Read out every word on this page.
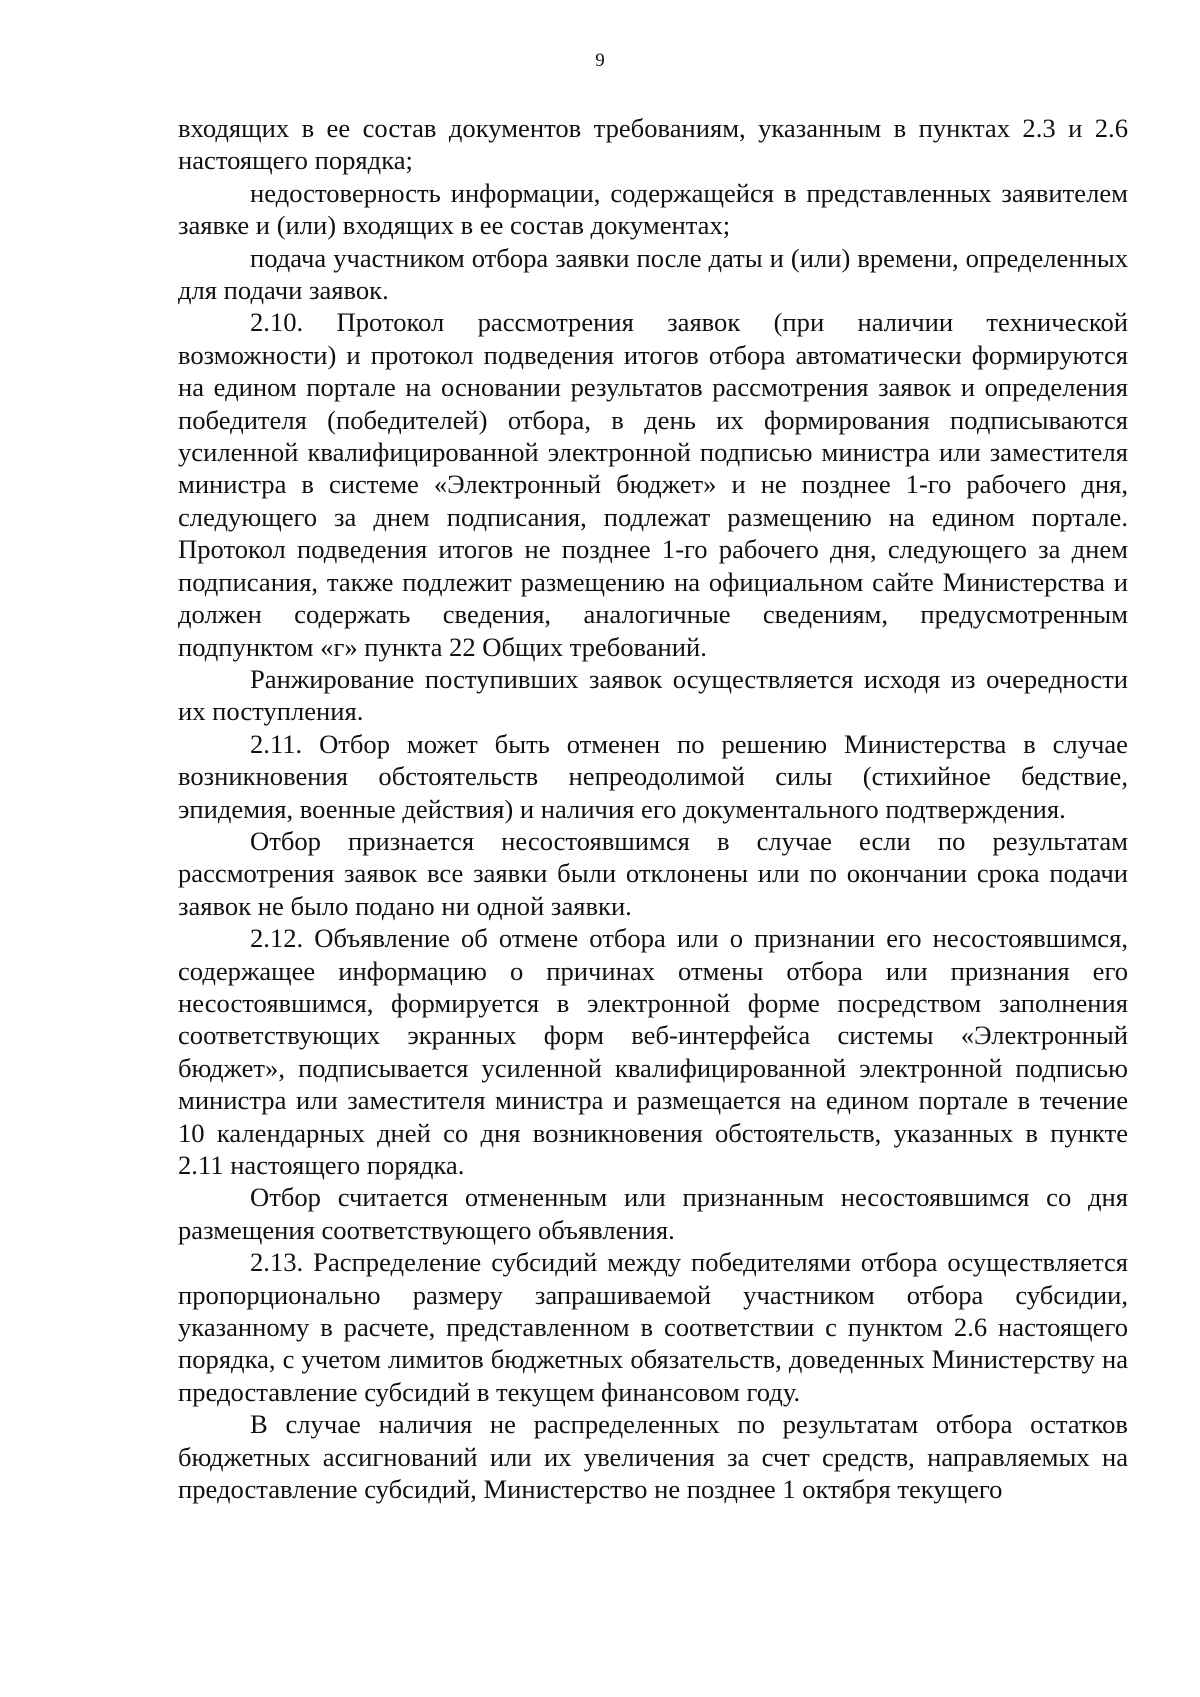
9

входящих в ее состав документов требованиям, указанным в пунктах 2.3 и 2.6 настоящего порядка;

недостоверность информации, содержащейся в представленных заявителем заявке и (или) входящих в ее состав документах;

подача участником отбора заявки после даты и (или) времени, определенных для подачи заявок.

2.10. Протокол рассмотрения заявок (при наличии технической возможности) и протокол подведения итогов отбора автоматически формируются на едином портале на основании результатов рассмотрения заявок и определения победителя (победителей) отбора, в день их формирования подписываются усиленной квалифицированной электронной подписью министра или заместителя министра в системе «Электронный бюджет» и не позднее 1-го рабочего дня, следующего за днем подписания, подлежат размещению на едином портале. Протокол подведения итогов не позднее 1-го рабочего дня, следующего за днем подписания, также подлежит размещению на официальном сайте Министерства и должен содержать сведения, аналогичные сведениям, предусмотренным подпунктом «г» пункта 22 Общих требований.

Ранжирование поступивших заявок осуществляется исходя из очередности их поступления.

2.11. Отбор может быть отменен по решению Министерства в случае возникновения обстоятельств непреодолимой силы (стихийное бедствие, эпидемия, военные действия) и наличия его документального подтверждения.

Отбор признается несостоявшимся в случае если по результатам рассмотрения заявок все заявки были отклонены или по окончании срока подачи заявок не было подано ни одной заявки.

2.12. Объявление об отмене отбора или о признании его несостоявшимся, содержащее информацию о причинах отмены отбора или признания его несостоявшимся, формируется в электронной форме посредством заполнения соответствующих экранных форм веб-интерфейса системы «Электронный бюджет», подписывается усиленной квалифицированной электронной подписью министра или заместителя министра и размещается на едином портале в течение 10 календарных дней со дня возникновения обстоятельств, указанных в пункте 2.11 настоящего порядка.

Отбор считается отмененным или признанным несостоявшимся со дня размещения соответствующего объявления.

2.13. Распределение субсидий между победителями отбора осуществляется пропорционально размеру запрашиваемой участником отбора субсидии, указанному в расчете, представленном в соответствии с пунктом 2.6 настоящего порядка, с учетом лимитов бюджетных обязательств, доведенных Министерству на предоставление субсидий в текущем финансовом году.

В случае наличия не распределенных по результатам отбора остатков бюджетных ассигнований или их увеличения за счет средств, направляемых на предоставление субсидий, Министерство не позднее 1 октября текущего
